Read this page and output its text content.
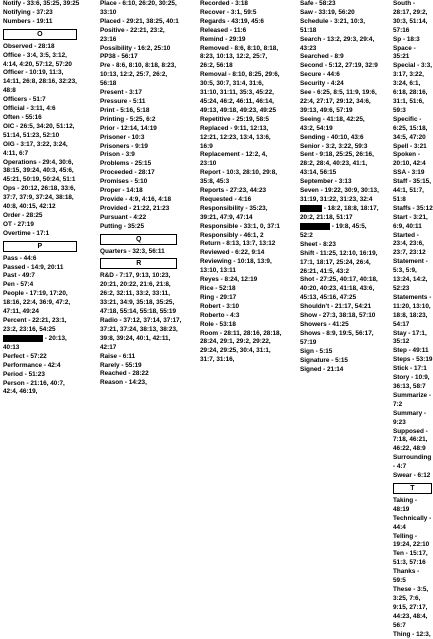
Notify - 33:6, 35:25, 39:25
Notifying - 37:23
Numbers - 19:11
O
Observed - 28:18
Office - 3:4, 3:5, 3:12, 4:14, 4:20, 57:12, 57:20
Officer - 10:19, 11:3, 14:11, 26:8, 28:16, 32:23, 48:8
Officers - 51:7
Official - 3:11, 4:6
Often - 55:16
OIC - 26:5, 34:20, 51:12, 51:14, 51:23, 52:10
OIG - 3:17, 3:22, 3:24, 4:11, 6:7
Operations - 29:4, 30:6, 38:15, 39:24, 40:3, 45:6, 45:21, 50:19, 50:24, 51:1
Ops - 20:12, 26:18, 33:6, 37:7, 37:9, 37:24, 38:18, 40:8, 40:15, 42:12
Order - 28:25
OT - 27:19
Overtime - 17:1
P
Pass - 44:6
Passed - 14:9, 20:11
Past - 49:7
Pen - 57:4
People - 17:19, 17:20, 18:16, 22:4, 36:9, 47:2, 47:11, 49:24
Percent - 22:21, 23:1, 23:2, 23:16, 54:25
- 20:13, 40:13
Perfect - 57:22
Performance - 42:4
Period - 51:23
Person - 21:16, 40:7, 42:4, 46:19,
Place - 6:10, 26:20, 30:25, 33:10
Placed - 29:21, 38:25, 40:1
Positive - 22:21, 23:2, 23:16
Possibility - 16:2, 25:10
PP38 - 56:17
Pre - 8:6, 8:10, 8:18, 8:23, 10:13, 12:2, 25:7, 26:2, 56:18
Present - 3:17
Pressure - 5:11
Print - 5:16, 5:18
Printing - 5:25, 6:2
Prior - 12:14, 14:19
Prisoner - 10:3
Prisoners - 9:19
Prison - 3:9
Problems - 25:15
Proceeded - 28:17
Promises - 5:10
Proper - 14:18
Provide - 4:9, 4:16, 4:18
Provided - 21:22, 21:23
Pursuant - 4:22
Putting - 35:25
Q
Quarters - 32:3, 56:11
R
R&D - 7:17, 9:13, 10:23, 20:21, 20:22, 21:6, 21:8, 26:2, 32:11, 33:2, 33:11, 33:21, 34:9, 35:18, 35:25, 47:18, 55:14, 55:18, 55:19
Radio - 37:12, 37:14, 37:17, 37:21, 37:24, 38:13, 38:23, 39:8, 39:24, 40:1, 42:11, 42:17
Raise - 6:11
Rarely - 55:19
Reached - 28:22
Reason - 14:23,
Recorded - 3:18
Recover - 3:1, 59:5
Regards - 43:19, 45:6
Released - 11:6
Remind - 29:19
Removed - 8:6, 8:10, 8:18, 8:23, 10:13, 12:2, 25:7, 26:2, 56:18
Removal - 8:10, 8:25, 29:6, 30:5, 30:7, 31:4, 31:6, 31:10, 31:11, 35:3, 45:22, 45:24, 46:2, 46:11, 46:14, 49:13, 49:18, 49:23, 49:25
Repetitive - 25:19, 58:5
Replaced - 9:11, 12:13, 12:21, 12:23, 13:4, 13:6, 16:9
Replacement - 12:2, 4, 23:10
Report - 10:3, 28:10, 29:8, 35:8, 45:3
Reports - 27:23, 44:23
Requested - 4:16
Responsibility - 35:23, 39:21, 47:9, 47:14
Responsible - 33:1, 0, 37:1
Responsibly - 46:1, 2
Return - 8:13, 13:7, 13:12
Reviewed - 6:22, 9:14
Reviewing - 10:18, 13:9, 13:10, 13:11
Reyes - 8:24, 12:19
Rice - 52:18
Ring - 29:17
Robert - 3:10
Roberto - 4:3
Role - 53:18
Room - 28:11, 28:16, 28:18, 28:24, 29:1, 29:2, 29:22, 29:24, 29:25, 30:4, 31:1, 31:7, 31:16,
Safe - 58:23
Saw - 33:19, 56:20
Schedule - 3:21, 10:3, 51:18
Search - 13:2, 29:3, 29:4, 43:23
Searched - 8:9
Second - 5:12, 27:19, 32:9
Secure - 44:6
Security - 4:24
See - 6:25, 8:5, 11:9, 19:6, 22:4, 27:17, 29:12, 34:6, 39:13, 49:6, 57:19
Seeing - 41:18, 42:25, 43:2, 54:19
Sending - 40:10, 43:6
Senior - 3:2, 3:22, 59:3
Sent - 9:18, 25:25, 26:16, 28:2, 28:4, 40:23, 41:1, 43:14, 56:15
September - 3:13
Seven - 19:22, 30:9, 30:13, 31:19, 31:22, 31:23, 32:4
- 18:2, 18:8, 18:17, 20:2, 21:18, 51:17
- 19:8, 45:5, 52:2
Sheet - 8:23
Shift - 11:25, 12:10, 16:19, 17:1, 18:17, 25:24, 26:4, 26:21, 41:5, 43:2
Shot - 27:25, 40:17, 40:18, 40:20, 40:23, 41:18, 43:6, 45:13, 45:16, 47:25
Shouldn't - 21:17, 54:21
Show - 27:3, 38:18, 57:10
Showers - 41:25
Shows - 8:9, 19:5, 56:17, 57:19
Sign - 5:15
Signature - 5:15
Signed - 21:14
South - 28:17, 29:2, 30:3, 51:14, 57:16
Sp - 18:3
Space - 35:21
Special - 3:3, 3:17, 3:22, 3:24, 6:1, 6:18, 28:16, 31:1, 51:6, 59:3
Specific - 6:25, 15:18, 34:5, 47:20
Spell - 3:21
Spoken - 20:10, 42:4
SSA - 3:19
Staff - 35:15, 44:1, 51:7, 51:8
Staffs - 35:12
Start - 3:21, 6:9, 40:11
Started - 23:4, 23:6, 23:7, 23:12
Statement - 5:3, 5:9, 13:24, 14:2, 52:23
Statements - 11:20, 13:10, 18:8, 18:23, 54:17
Stay - 17:1, 35:12
Step - 49:11
Steps - 53:19
Stick - 17:1
Story - 10:9, 36:13, 58:7
Summarize - 7:2
Summary - 9:23
Supposed - 7:18, 46:21, 46:22, 48:9
Surrounding - 4:7
Swear - 6:12
T
Taking - 48:19
Technically - 44:4
Telling - 19:24, 22:10
Ten - 15:17, 51:3, 57:16
Thanks - 59:5
These - 3:5, 3:25, 7:6, 9:15, 27:17, 44:23, 48:4, 56:7
Thing - 12:3,
